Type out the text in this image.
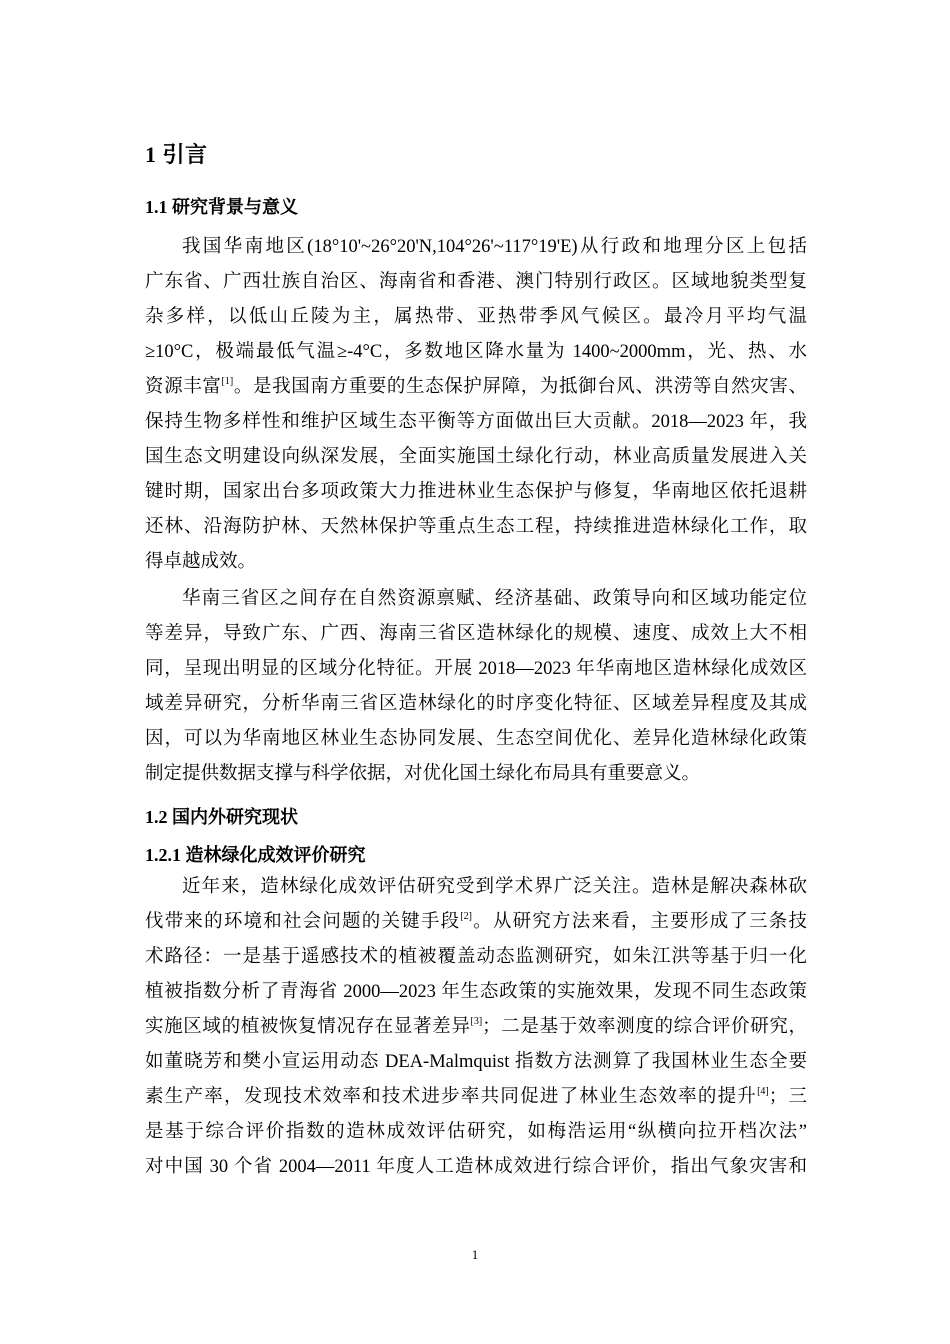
1 引言
1.1 研究背景与意义
我国华南地区(18°10'~26°20'N,104°26'~117°19'E)从行政和地理分区上包括
广东省、广西壮族自治区、海南省和香港、澳门特别行政区。区域地貌类型复
杂多样，以低山丘陵为主，属热带、亚热带季风气候区。最冷月平均气温
≥10°C，极端最低气温≥-4°C，多数地区降水量为 1400~2000mm，光、热、水
资源丰富[1]。是我国南方重要的生态保护屏障，为抵御台风、洪涝等自然灾害、
保持生物多样性和维护区域生态平衡等方面做出巨大贡献。2018—2023 年，我
国生态文明建设向纵深发展，全面实施国土绿化行动，林业高质量发展进入关
键时期，国家出台多项政策大力推进林业生态保护与修复，华南地区依托退耕
还林、沿海防护林、天然林保护等重点生态工程，持续推进造林绿化工作，取
得卓越成效。
华南三省区之间存在自然资源禀赋、经济基础、政策导向和区域功能定位
等差异，导致广东、广西、海南三省区造林绿化的规模、速度、成效上大不相
同，呈现出明显的区域分化特征。开展 2018—2023 年华南地区造林绿化成效区
域差异研究，分析华南三省区造林绿化的时序变化特征、区域差异程度及其成
因，可以为华南地区林业生态协同发展、生态空间优化、差异化造林绿化政策
制定提供数据支撑与科学依据，对优化国土绿化布局具有重要意义。
1.2 国内外研究现状
1.2.1 造林绿化成效评价研究
近年来，造林绿化成效评估研究受到学术界广泛关注。造林是解决森林砍
伐带来的环境和社会问题的关键手段[2]。从研究方法来看，主要形成了三条技
术路径：一是基于遥感技术的植被覆盖动态监测研究，如朱江洪等基于归一化
植被指数分析了青海省 2000—2023 年生态政策的实施效果，发现不同生态政策
实施区域的植被恢复情况存在显著差异[3]；二是基于效率测度的综合评价研究，
如董晓芳和樊小宣运用动态 DEA-Malmquist 指数方法测算了我国林业生态全要
素生产率，发现技术效率和技术进步率共同促进了林业生态效率的提升[4]；三
是基于综合评价指数的造林成效评估研究，如梅浩运用“纵横向拉开档次法”
对中国 30 个省 2004—2011 年度人工造林成效进行综合评价，指出气象灾害和
1
